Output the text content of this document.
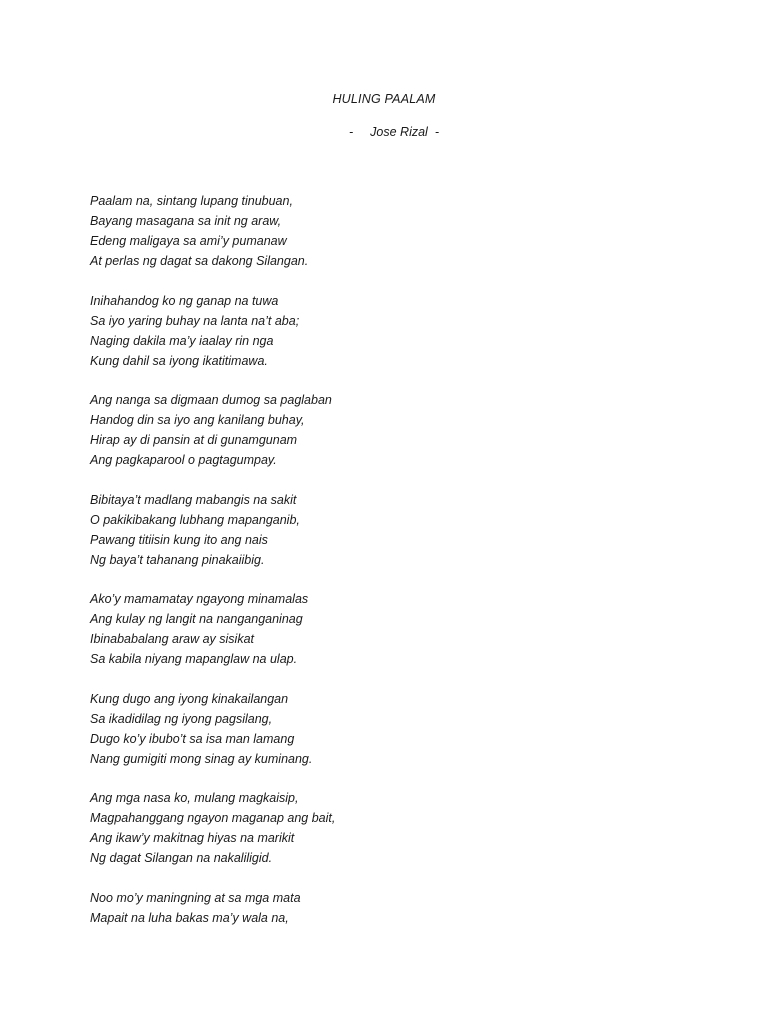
HULING PAALAM
- Jose Rizal -
Paalam na, sintang lupang tinubuan,
Bayang masagana sa init ng araw,
Edeng maligaya sa ami’y pumanaw
At perlas ng dagat sa dakong Silangan.
Inihahandog ko ng ganap na tuwa
Sa iyo yaring buhay na lanta na’t aba;
Naging dakila ma’y iaalay rin nga
Kung dahil sa iyong ikatitimawa.
Ang nanga sa digmaan dumog sa paglaban
Handog din sa iyo ang kanilang buhay,
Hirap ay di pansin at di gunamgunam
Ang pagkaparool o pagtagumpay.
Bibitaya’t madlang mabangis na sakit
O pakikibakang lubhang mapanganib,
Pawang titiisin kung ito ang nais
Ng baya’t tahanang pinakaiibig.
Ako’y mamamatay ngayong minamalas
Ang kulay ng langit na nanganganinag
Ibinababalang araw ay sisikat
Sa kabila niyang mapanglaw na ulap.
Kung dugo ang iyong kinakailangan
Sa ikadidilag ng iyong pagsilang,
Dugo ko’y ibubo’t sa isa man lamang
Nang gumigiti mong sinag ay kuminang.
Ang mga nasa ko, mulang magkaisip,
Magpahanggang ngayon maganap ang bait,
Ang ikaw’y makitnag hiyas na marikit
Ng dagat Silangan na nakaliligid.
Noo mo’y maningning at sa mga mata
Mapait na luha bakas ma’y wala na,
